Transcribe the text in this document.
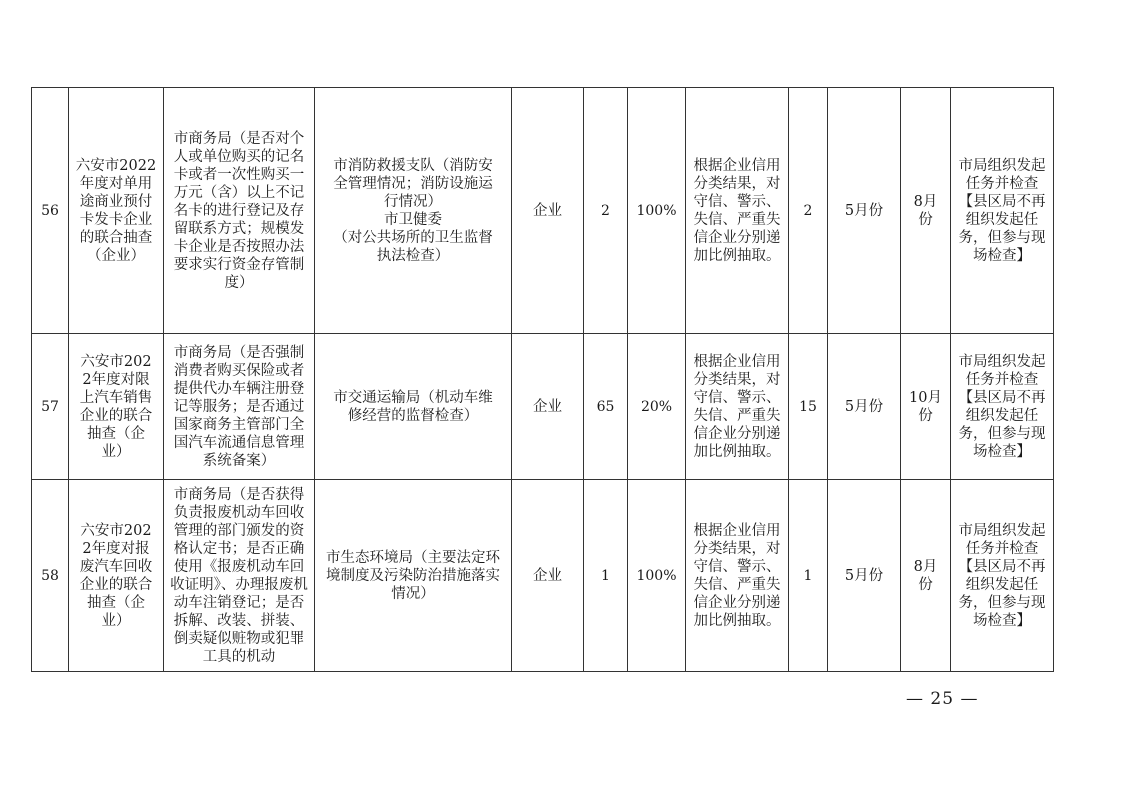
56	六安市2022年度对单用途商业预付卡发卡企业的联合抽查（企业）	市商务局（是否对个人或单位购买的记名卡或者一次性购买一万元（含）以上不记名卡的进行登记及存留联系方式；规模发卡企业是否按照办法要求实行资金存管制度）	市消防救援支队（消防安全管理情况；消防设施运行情况）
市卫健委
（对公共场所的卫生监督执法检查）	企业	2	100%	根据企业信用分类结果，对守信、警示、失信、严重失信企业分别递加比例抽取。	2	5月份	8月份	市局组织发起任务并检查【县区局不再组织发起任务，但参与现场检查】
57	六安市2022年度对限上汽车销售企业的联合抽查（企业）	市商务局（是否强制消费者购买保险或者提供代办车辆注册登记等服务；是否通过国家商务主管部门全国汽车流通信息管理系统备案）	市交通运输局（机动车维修经营的监督检查）	企业	65	20%	根据企业信用分类结果，对守信、警示、失信、严重失信企业分别递加比例抽取。	15	5月份	10月份	市局组织发起任务并检查【县区局不再组织发起任务，但参与现场检查】
58	六安市2022年度对报废汽车回收企业的联合抽查（企业）	市商务局（是否获得负责报废机动车回收管理的部门颁发的资格认定书；是否正确使用《报废机动车回收证明》、办理报废机动车注销登记；是否拆解、改装、拼装、倒卖疑似赃物或犯罪工具的机动	市生态环境局（主要法定环境制度及污染防治措施落实情况）	企业	1	100%	根据企业信用分类结果，对守信、警示、失信、严重失信企业分别递加比例抽取。	1	5月份	8月份	市局组织发起任务并检查【县区局不再组织发起任务，但参与现场检查】
— 25 —
